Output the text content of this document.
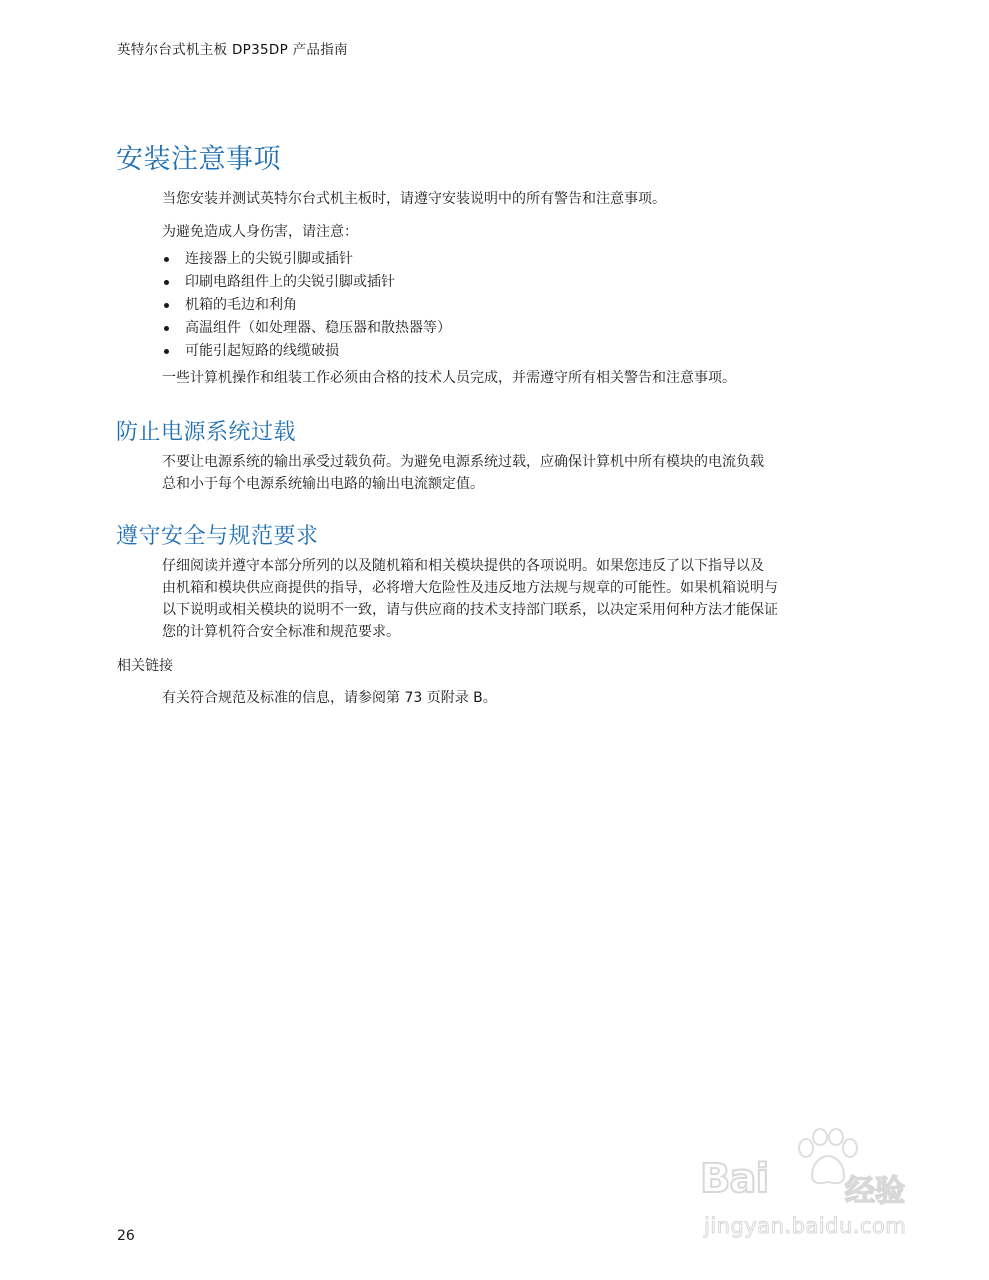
英特尔台式机主板 DP35DP 产品指南
安装注意事项

当您安装并测试英特尔台式机主板时，请遵守安装说明中的所有警告和注意事项。

为避免造成人身伤害，请注意：

连接器上的尖锐引脚或插针
印刷电路组件上的尖锐引脚或插针
机箱的毛边和利角
高温组件（如处理器、稳压器和散热器等）
可能引起短路的线缆破损

一些计算机操作和组装工作必须由合格的技术人员完成，并需遵守所有相关警告和注意事项。

防止电源系统过载

不要让电源系统的输出承受过载负荷。为避免电源系统过载，应确保计算机中所有模块的电流负载

总和小于每个电源系统输出电路的输出电流额定值。

遵守安全与规范要求

仔细阅读并遵守本部分所列的以及随机箱和相关模块提供的各项说明。如果您违反了以下指导以及

由机箱和模块供应商提供的指导，必将增大危险性及违反地方法规与规章的可能性。如果机箱说明与

以下说明或相关模块的说明不一致，请与供应商的技术支持部门联系，以决定采用何种方法才能保证

您的计算机符合安全标准和规范要求。

相关链接

有关符合规范及标准的信息，请参阅第 73 页附录 B。

26
Bai	经验
jingyan.baidu.com
